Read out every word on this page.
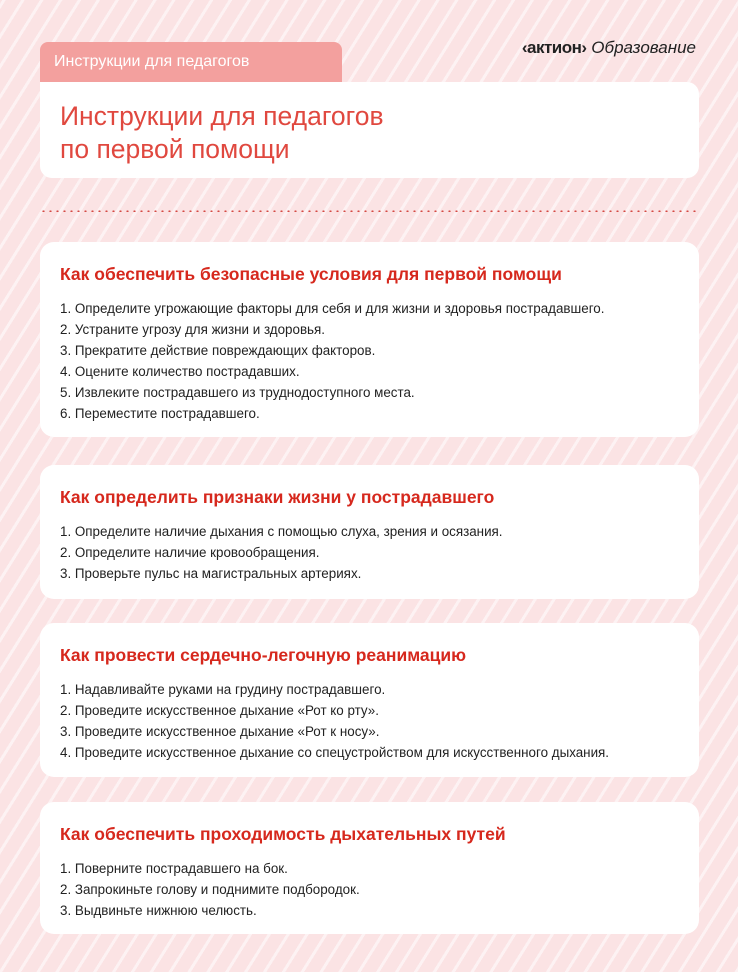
Инструкции для педагогов
‹актион› Образование
Инструкции для педагогов
по первой помощи
Как обеспечить безопасные условия для первой помощи
1. Определите угрожающие факторы для себя и для жизни и здоровья пострадавшего.
2. Устраните угрозу для жизни и здоровья.
3. Прекратите действие повреждающих факторов.
4. Оцените количество пострадавших.
5. Извлеките пострадавшего из труднодоступного места.
6. Переместите пострадавшего.
Как определить признаки жизни у пострадавшего
1. Определите наличие дыхания с помощью слуха, зрения и осязания.
2. Определите наличие кровообращения.
3. Проверьте пульс на магистральных артериях.
Как провести сердечно-легочную реанимацию
1. Надавливайте руками на грудину пострадавшего.
2. Проведите искусственное дыхание «Рот ко рту».
3. Проведите искусственное дыхание «Рот к носу».
4. Проведите искусственное дыхание со спецустройством для искусственного дыхания.
Как обеспечить проходимость дыхательных путей
1. Поверните пострадавшего на бок.
2. Запрокиньте голову и поднимите подбородок.
3. Выдвиньте нижнюю челюсть.
